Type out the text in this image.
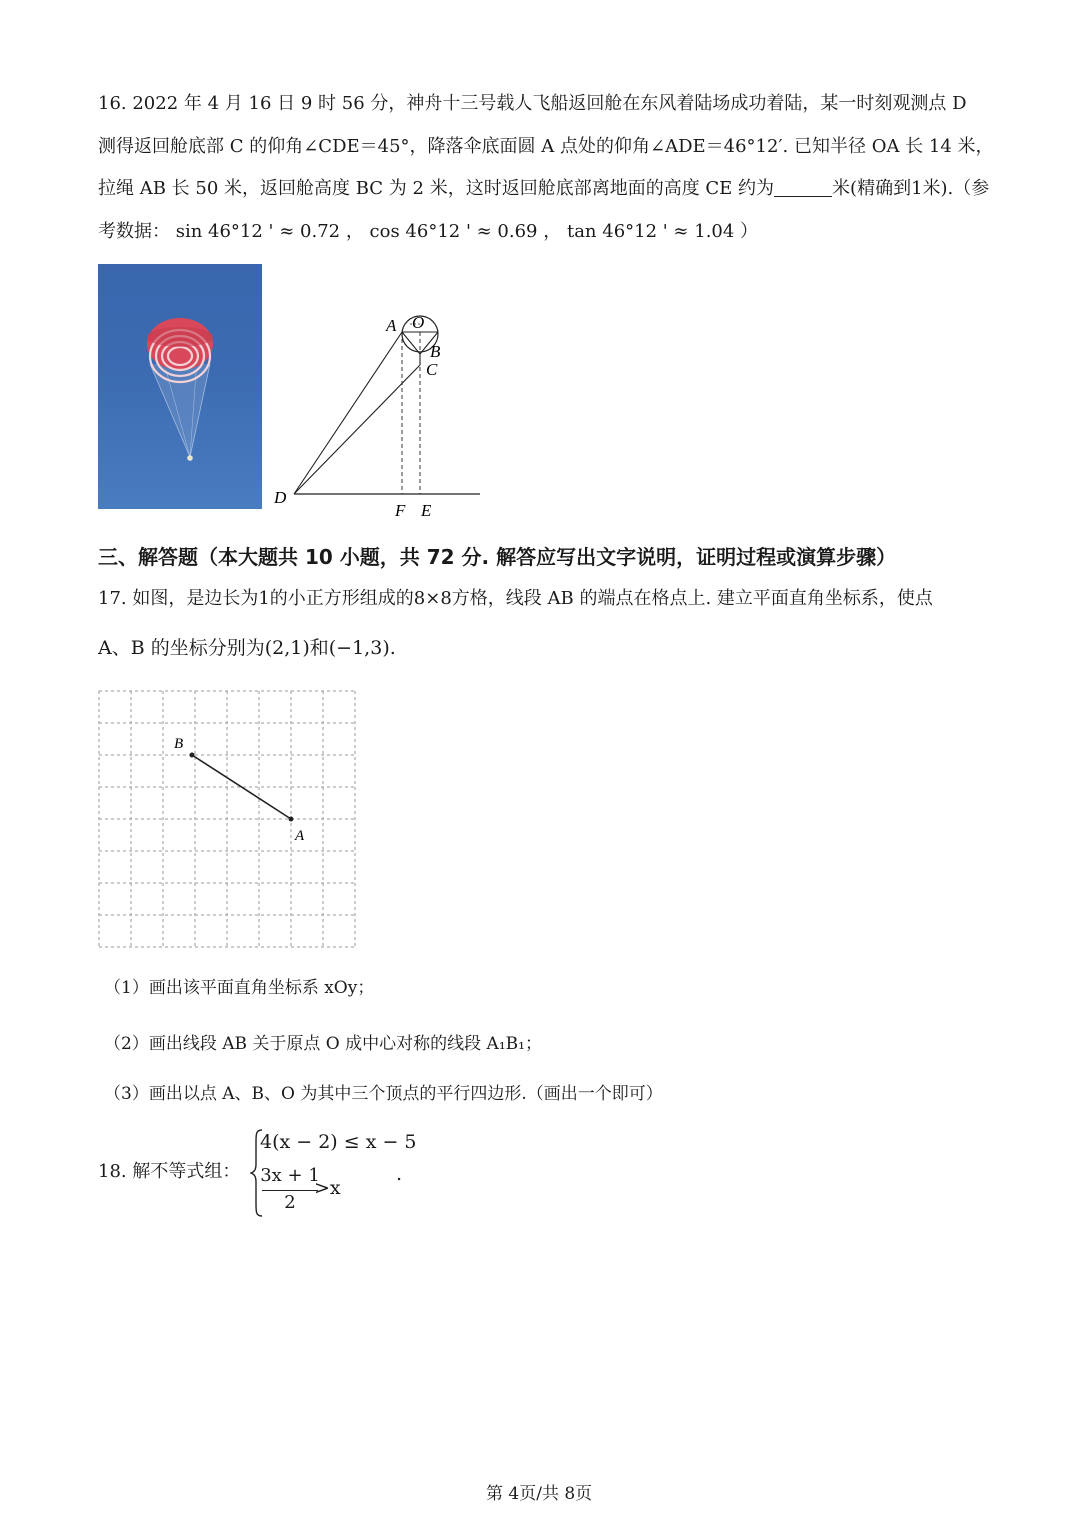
16. 2022 年 4 月 16 日 9 时 56 分，神舟十三号载人飞船返回舱在东风着陆场成功着陆，某一时刻观测点 D
测得返回舱底部 C 的仰角∠CDE＝45°，降落伞底面圆 A 点处的仰角∠ADE＝46°12′. 已知半径 OA 长 14 米，
拉绳 AB 长 50 米，返回舱高度 BC 为 2 米，这时返回舱底部离地面的高度 CE 约为	米(精确到1米).（参
考数据： sin 46°12 ' ≈ 0.72 ， cos 46°12 ' ≈ 0.69 ， tan 46°12 ' ≈ 1.04 ）
A O
B
C
D
F E
三、解答题（本大题共 10 小题，共 72 分. 解答应写出文字说明，证明过程或演算步骤）
17. 如图，是边长为1的小正方形组成的8×8方格，线段 AB 的端点在格点上. 建立平面直角坐标系，使点
A、B 的坐标分别为(2,1)和(−1,3).
B
A
（1）画出该平面直角坐标系 xOy；
（2）画出线段 AB 关于原点 O 成中心对称的线段 A₁B₁；
（3）画出以点 A、B、O 为其中三个顶点的平行四边形.（画出一个即可）
18. 解不等式组：
4(x − 2) ≤ x − 5
3x + 1
2
>x
.
第 4页/共 8页
